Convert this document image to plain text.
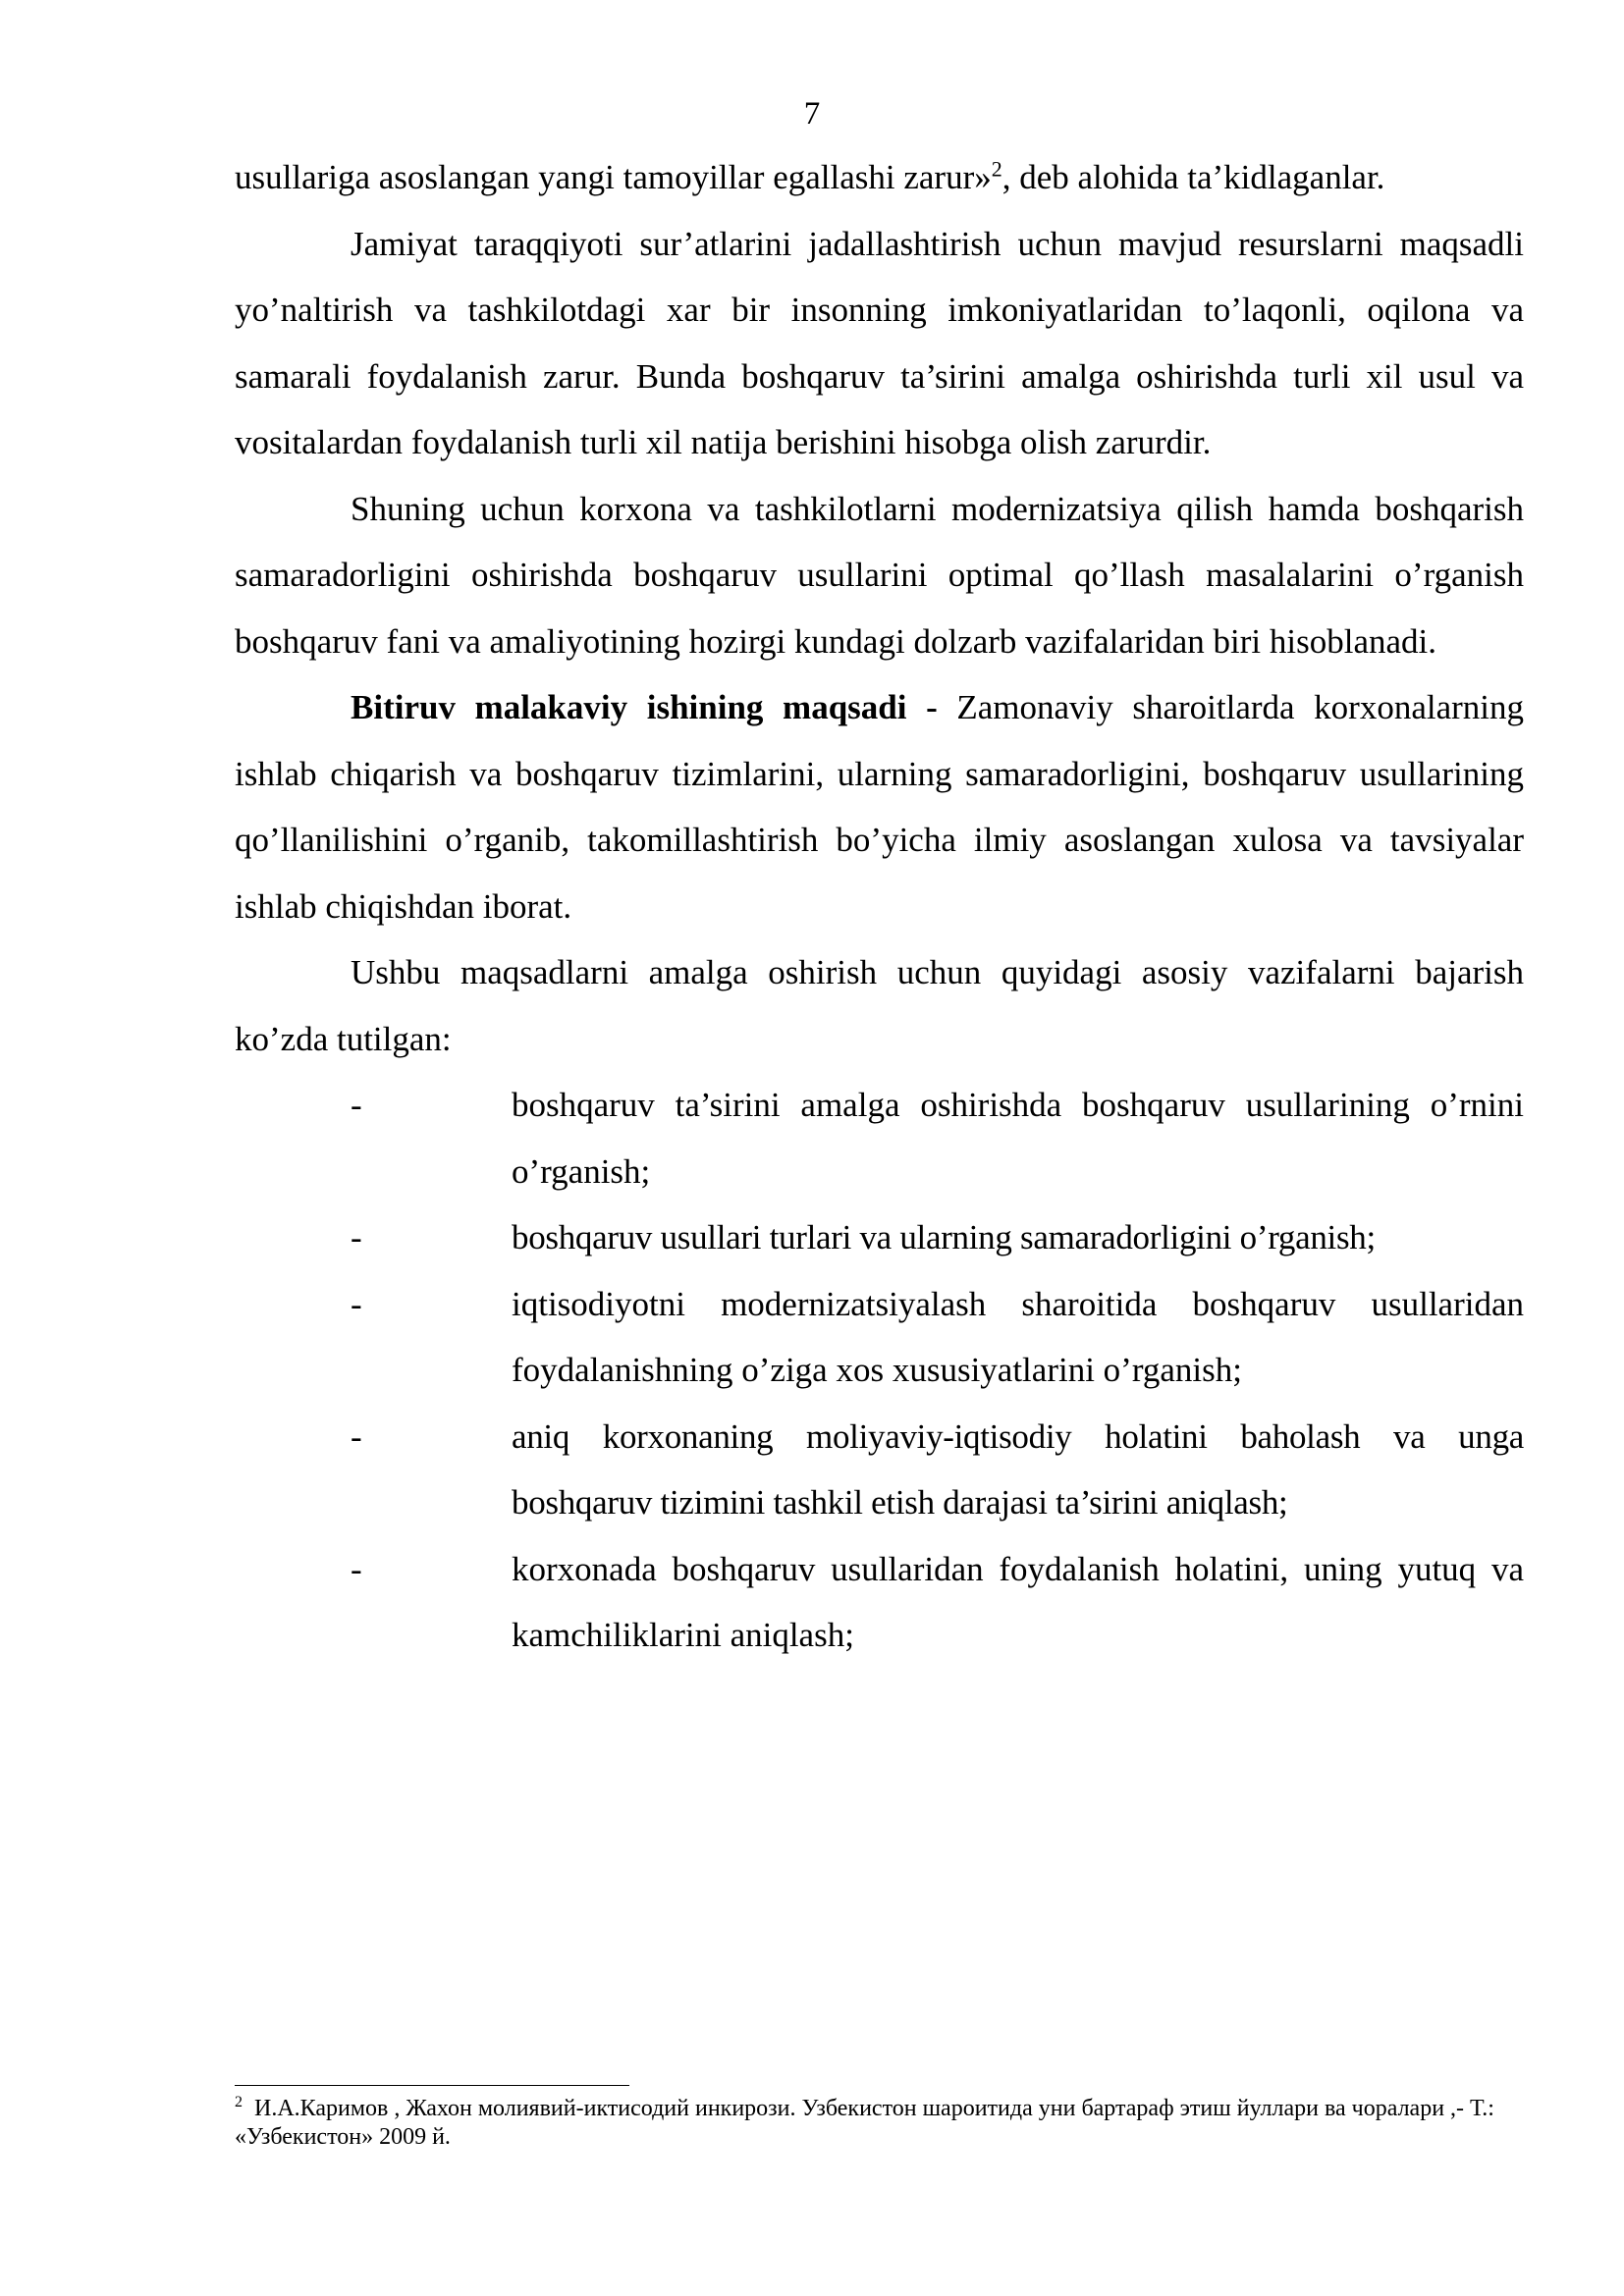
7

usullariga asoslangan yangi tamoyillar egallashi zarur»$^2$, deb alohida ta’kidlaganlar.

Jamiyat taraqqiyoti sur’atlarini jadallashtirish uchun mavjud resurslarni maqsadli yo’naltirish va tashkilotdagi xar bir insonning imkoniyatlaridan to’laqonli, oqilona va samarali foydalanish zarur. Bunda boshqaruv ta’sirini amalga oshirishda turli xil usul va vositalardan foydalanish turli xil natija berishini hisobga olish zarurdir.

Shuning uchun korxona va tashkilotlarni modernizatsiya qilish hamda boshqarish samaradorligini oshirishda boshqaruv usullarini optimal qo’llash masalalarini o’rganish boshqaruv fani va amaliyotining hozirgi kundagi dolzarb vazifalaridan biri hisoblanadi.

Bitiruv malakaviy ishining maqsadi - Zamonaviy sharoitlarda korxonalarning ishlab chiqarish va boshqaruv tizimlarini, ularning samaradorligini, boshqaruv usullarining qo’llanilishini o’rganib, takomillashtirish bo’yicha ilmiy asoslangan xulosa va tavsiyalar ishlab chiqishdan iborat.

Ushbu maqsadlarni amalga oshirish uchun quyidagi asosiy vazifalarni bajarish ko’zda tutilgan:

-	boshqaruv ta’sirini amalga oshirishda boshqaruv usullarining o’rnini o’rganish;
-	boshqaruv usullari turlari va ularning samaradorligini o’rganish;
-	iqtisodiyotni modernizatsiyalash sharoitida boshqaruv usullaridan foydalanishning o’ziga xos xususiyatlarini o’rganish;
-	aniq korxonaning moliyaviy-iqtisodiy holatini baholash va unga boshqaruv tizimini tashkil etish darajasi ta’sirini aniqlash;
-	korxonada boshqaruv usullaridan foydalanish holatini, uning yutuq va kamchiliklarini aniqlash;
$^2$ И.А.Каримов , Жахон молиявий-иктисодий инкирози. Узбекистон шароитида уни бартараф этиш йуллари ва чоралари ,- Т.: «Узбекистон» 2009 й.
